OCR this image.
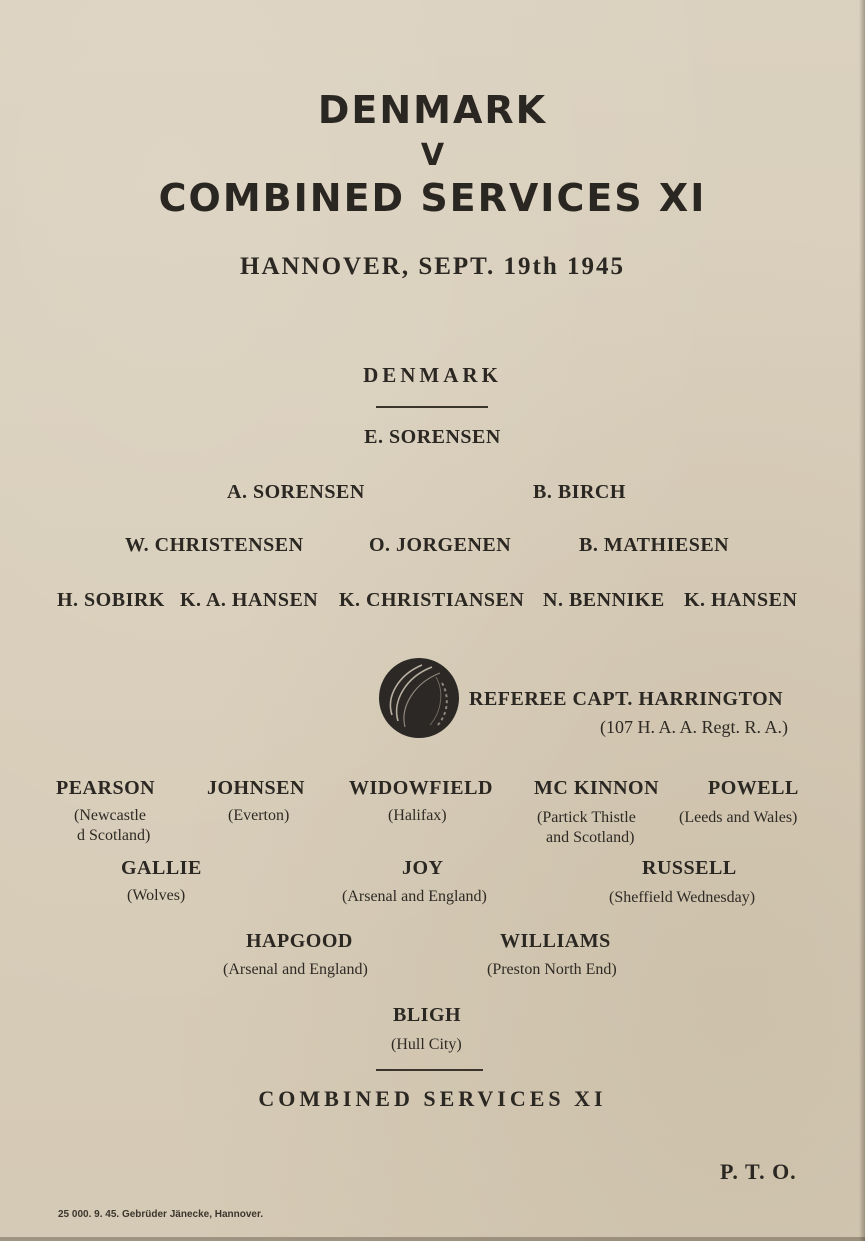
DENMARK
V
COMBINED SERVICES XI
HANNOVER, SEPT. 19th 1945
DENMARK
E. SORENSEN
A. SORENSEN	B. BIRCH
W. CHRISTENSEN	O. JORGENEN	B. MATHIESEN
H. SOBIRK K. A. HANSEN K. CHRISTIANSEN N. BENNIKE K. HANSEN
REFEREE CAPT. HARRINGTON
(107 H. A. A. Regt. R. A.)
PEARSON
(Newcastle
d Scotland)
JOHNSEN
(Everton)
WIDOWFIELD
(Halifax)
MC KINNON
(Partick Thistle
and Scotland)
POWELL
(Leeds and Wales)
GALLIE
(Wolves)
JOY
(Arsenal and England)
RUSSELL
(Sheffield Wednesday)
HAPGOOD
(Arsenal and England)
WILLIAMS
(Preston North End)
BLIGH
(Hull City)
COMBINED SERVICES XI
P. T. O.
25 000. 9. 45. Gebrüder Jänecke, Hannover.
